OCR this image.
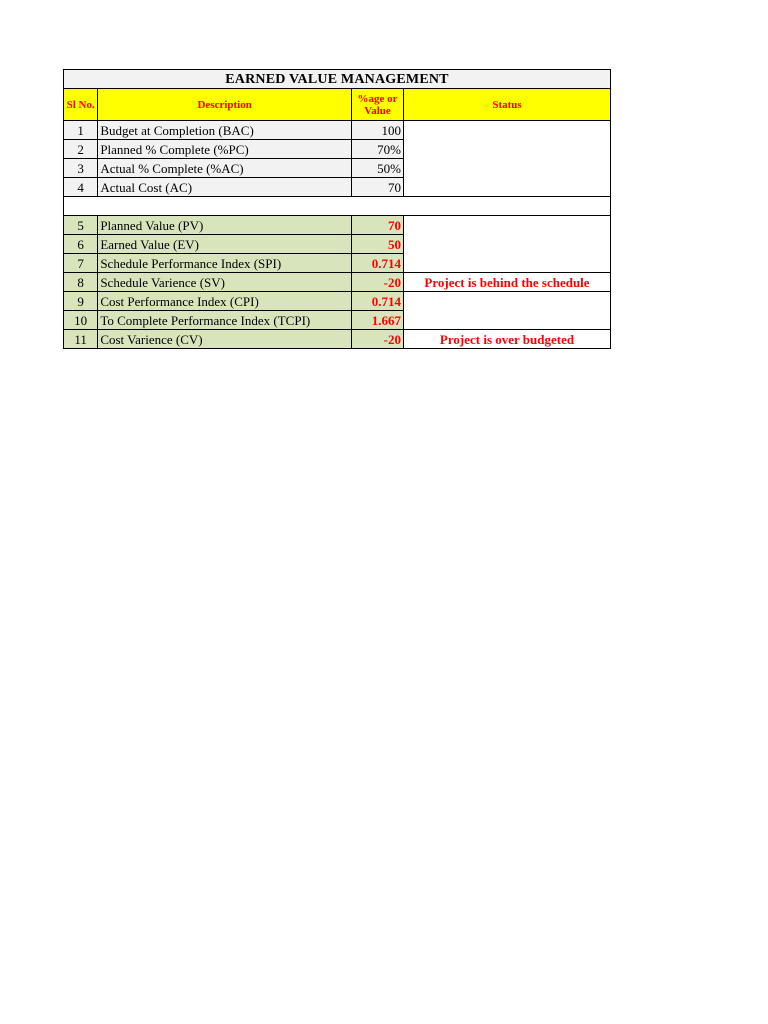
EARNED VALUE MANAGEMENT			
Sl No.	Description	%age or Value	Status
1	Budget at Completion (BAC)	100	
2	Planned % Complete (%PC)	70%	
3	Actual % Complete (%AC)	50%	
4	Actual Cost (AC)	70	

5	Planned Value (PV)	70	
6	Earned Value (EV)	50	
7	Schedule Performance Index (SPI)	0.714	
8	Schedule Varience (SV)	-20	Project is behind the schedule
9	Cost Performance Index (CPI)	0.714	
10	To Complete Performance Index (TCPI)	1.667	
11	Cost Varience (CV)	-20	Project is over budgeted
